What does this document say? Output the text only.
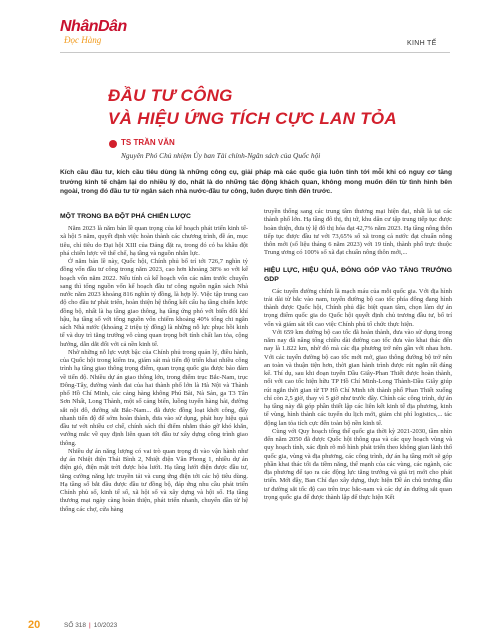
NhânDân
Đọc Hàng	KINH TẾ
ĐẦU TƯ CÔNG
VÀ HIỆU ỨNG TÍCH CỰC LAN TỎA
TS TRẦN VĂN
Nguyên Phó Chủ nhiệm Ủy ban Tài chính-Ngân sách của Quốc hội

Kích cầu đầu tư, kích cầu tiêu dùng là những công cụ, giải pháp mà các quốc gia luôn tính tới mỗi khi có nguy cơ tăng trưởng kinh tế chậm lại do nhiều lý do, nhất là do những tác động khách quan, không mong muốn đến từ tình hình bên ngoài, trong đó đầu tư từ ngân sách nhà nước-đầu tư công, luôn được tính đến trước.

MỘT TRONG BA ĐỘT PHÁ CHIẾN LƯỢC

Năm 2023 là năm bản lề quan trọng của kế hoạch phát triển kinh tế-xã hội 5 năm, quyết định việc hoàn thành các chương trình, đề án, mục tiêu, chỉ tiêu do Đại hội XIII của Đảng đặt ra, trong đó có ba khâu đột phá chiến lược về thể chế, hạ tầng và nguồn nhân lực.

Ở năm bản lề này, Quốc hội, Chính phủ bố trí tới 726,7 nghìn tỷ đồng vốn đầu tư công trong năm 2023, cao hơn khoảng 38% so với kế hoạch vốn năm 2022. Nếu tính cả kế hoạch vốn các năm trước chuyển sang thì tổng nguồn vốn kế hoạch đầu tư công nguồn ngân sách Nhà nước năm 2023 khoảng 816 nghìn tỷ đồng, là hợp lý. Việc tập trung cao độ cho đầu tư phát triển, hoàn thiện hệ thống kết cấu hạ tầng chiến lược đồng bộ, nhất là hạ tầng giao thông, hạ tầng ứng phó với biến đổi khí hậu, hạ tầng số với tổng nguồn vốn chiếm khoảng 40% tổng chi ngân sách Nhà nước (khoảng 2 triệu tỷ đồng) là những nỗ lực phục hồi kinh tế và duy trì tăng trưởng vô cùng quan trọng bởi tính chất lan tỏa, cộng hưởng, dẫn dắt đối với cả nền kinh tế.

Nhờ những nỗ lực vượt bậc của Chính phủ trong quản lý, điều hành, của Quốc hội trong kiểm tra, giám sát mà tiến độ triển khai nhiều công trình hạ tầng giao thông trọng điểm, quan trọng quốc gia được bảo đảm về tiến độ. Nhiều dự án giao thông lớn, trong điểm trục Bắc-Nam, trục Đông-Tây, đường vành đai của hai thành phố lớn là Hà Nội và Thành phố Hồ Chí Minh, các cảng hàng không Phú Bài, Nà Sản, ga T3 Tân Sơn Nhất, Long Thành, một số cảng biển, luồng tuyến hàng hải, đường sắt nội đô, đường sắt Bắc-Nam... đã được đồng loạt khởi công, đẩy nhanh tiến độ để sớm hoàn thành, đưa vào sử dụng, phát huy hiệu quả đầu tư với nhiều cơ chế, chính sách thí điểm nhằm tháo gỡ khó khăn, vướng mắc về quy định liên quan tới đầu tư xây dựng công trình giao thông.

Nhiều dự án năng lượng có vai trò quan trọng đi vào vận hành như dự án Nhiệt điện Thái Bình 2, Nhiệt điện Vân Phong 1, nhiều dự án điện gió, điện mặt trời được hòa lưới. Hạ tầng lưới điện được đầu tư, tăng cường năng lực truyền tải và cung ứng điện tới các hộ tiêu dùng. Hạ tầng số bắt đầu được đầu tư đồng bộ, đáp ứng nhu cầu phát triển Chính phủ số, kinh tế số, xã hội số và xây dựng và hội số. Hạ tầng thương mại ngày càng hoàn thiện, phát triển nhanh, chuyển dần từ hệ thống các chợ, cửa hàng

truyền thống sang các trung tâm thương mại hiện đại, nhất là tại các thành phố lớn. Hạ tầng đô thị, thị tứ, khu dân cư tập trung tiếp tục được hoàn thiện, đưa tỷ lệ đô thị hóa đạt 42,7% năm 2023. Hạ tầng nông thôn tiếp tục được đầu tư với 73,65% số xã trong cả nước đạt chuẩn nông thôn mới (số liệu tháng 6 năm 2023) với 19 tỉnh, thành phố trực thuộc Trung ương có 100% số xã đạt chuẩn nông thôn mới,...

HIỆU LỰC, HIỆU QUẢ, ĐÓNG GÓP VÀO TĂNG TRƯỞNG GDP

Các tuyến đường chính là mạch máu của mỗi quốc gia. Với địa hình trải dài từ bắc vào nam, tuyến đường bộ cao tốc phía đông đang hình thành được Quốc hội, Chính phủ đặc biệt quan tâm, chọn làm dự án trọng điểm quốc gia do Quốc hội quyết định chủ trương đầu tư, bố trí vốn và giám sát tối cao việc Chính phủ tổ chức thực hiện.

Với 659 km đường bộ cao tốc đã hoàn thành, đưa vào sử dụng trong năm nay đã nâng tổng chiều dài đường cao tốc đưa vào khai thác đến nay là 1.822 km, nhờ đó mà các địa phương trở nên gần với nhau hơn. Với các tuyến đường bộ cao tốc mới mở, giao thông đường bộ trở nên an toàn và thuận tiện hơn, thời gian hành trình được rút ngắn rất đáng kể. Thí dụ, sau khi đoạn tuyến Dầu Giây-Phan Thiết được hoàn thành, nối với cao tốc hiện hữu TP Hồ Chí Minh-Long Thành-Dầu Giây giúp rút ngắn thời gian từ TP Hồ Chí Minh tới thành phố Phan Thiết xuống chỉ còn 2,5 giờ, thay vì 5 giờ như trước đây. Chính các công trình, dự án hạ tầng này đã góp phần thiết lập các liên kết kinh tế địa phương, kinh tế vùng, hình thành các tuyến du lịch mới, giảm chi phí logistics,... tác động lan tỏa tích cực đến toàn bộ nền kinh tế.

Cùng với Quy hoạch tổng thể quốc gia thời kỳ 2021-2030, tầm nhìn đến năm 2050 đã được Quốc hội thông qua và các quy hoạch vùng và quy hoạch tỉnh, xác định rõ mô hình phát triển theo không gian lãnh thổ quốc gia, vùng và địa phương, các công trình, dự án hạ tầng mới sẽ góp phần khai thác tối đa tiềm năng, thế mạnh của các vùng, các ngành, các địa phương để tạo ra các động lực tăng trưởng và giá trị mới cho phát triển. Mới đây, Ban Chỉ đạo xây dựng, thực hiện Đề án chủ trương đầu tư đường sắt tốc độ cao trên trục bắc-nam và các dự án đường sắt quan trọng quốc gia để được thành lập để thực hiện Kết

20	SỐ 318 | 10/2023
